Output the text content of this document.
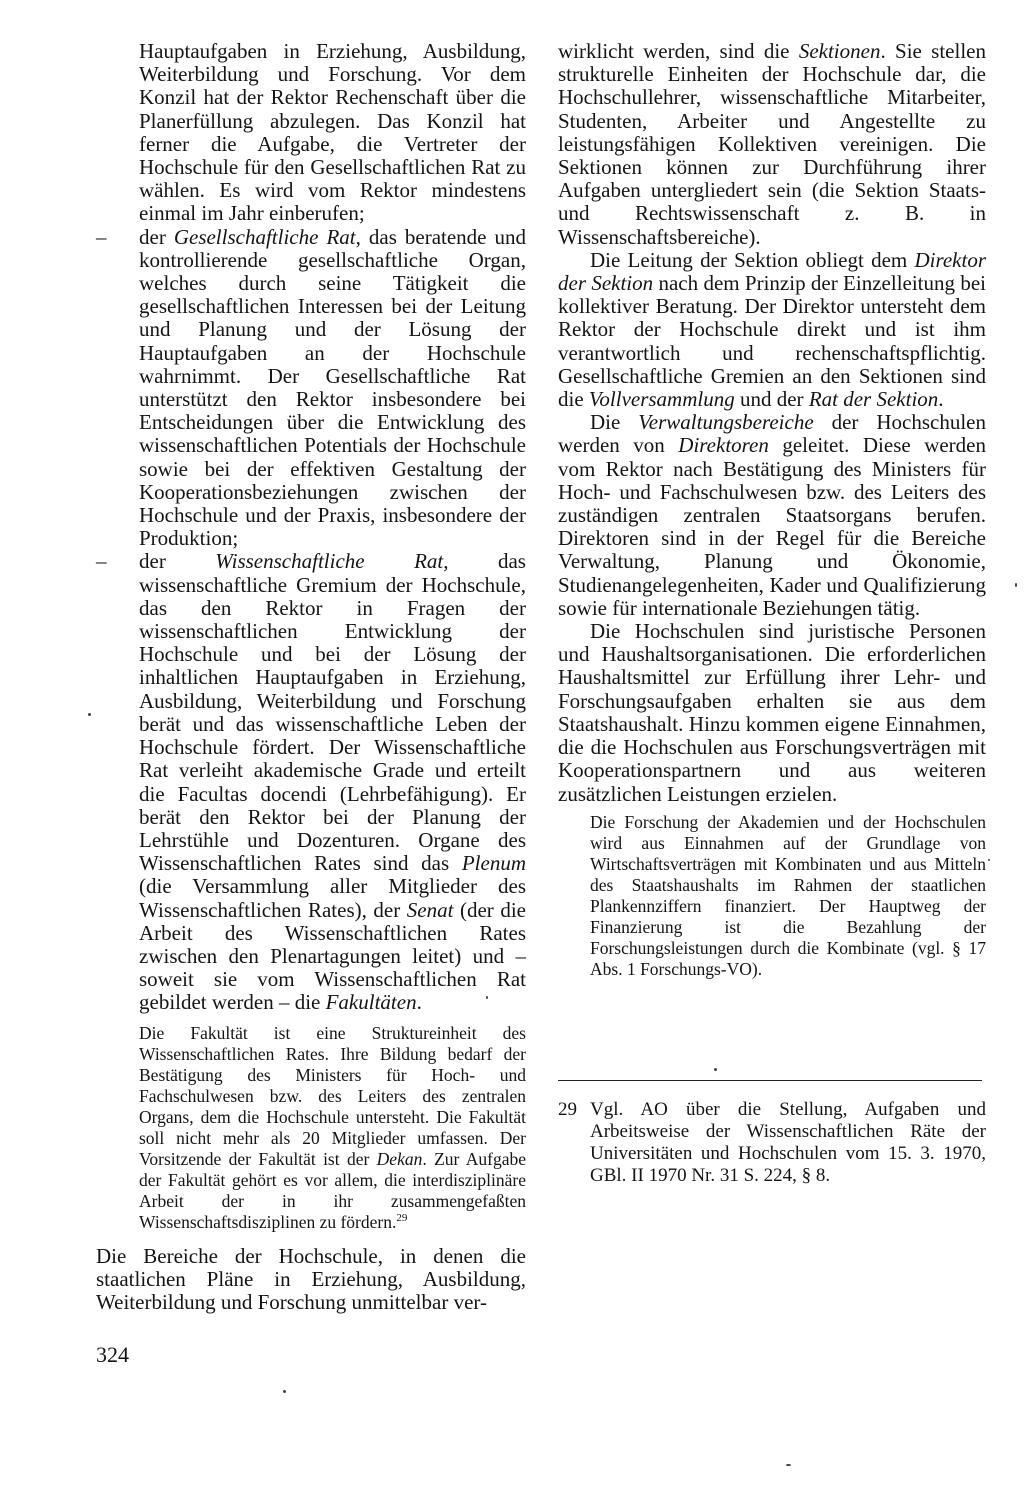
Hauptaufgaben in Erziehung, Ausbildung, Weiterbildung und Forschung. Vor dem Konzil hat der Rektor Rechenschaft über die Planerfüllung abzulegen. Das Konzil hat ferner die Aufgabe, die Vertreter der Hochschule für den Gesellschaftlichen Rat zu wählen. Es wird vom Rektor mindestens einmal im Jahr einberufen;

– der Gesellschaftliche Rat, das beratende und kontrollierende gesellschaftliche Organ, welches durch seine Tätigkeit die gesellschaftlichen Interessen bei der Leitung und Planung und der Lösung der Hauptaufgaben an der Hochschule wahrnimmt. Der Gesellschaftliche Rat unterstützt den Rektor insbesondere bei Entscheidungen über die Entwicklung des wissenschaftlichen Potentials der Hochschule sowie bei der effektiven Gestaltung der Kooperationsbeziehungen zwischen der Hochschule und der Praxis, insbesondere der Produktion;
– der Wissenschaftliche Rat, das wissenschaftliche Gremium der Hochschule, das den Rektor in Fragen der wissenschaftlichen Entwicklung der Hochschule und bei der Lösung der inhaltlichen Hauptaufgaben in Erziehung, Ausbildung, Weiterbildung und Forschung berät und das wissenschaftliche Leben der Hochschule fördert. Der Wissenschaftliche Rat verleiht akademische Grade und erteilt die Facultas docendi (Lehrbefähigung). Er berät den Rektor bei der Planung der Lehrstühle und Dozenturen. Organe des Wissenschaftlichen Rates sind das Plenum (die Versammlung aller Mitglieder des Wissenschaftlichen Rates), der Senat (der die Arbeit des Wissenschaftlichen Rates zwischen den Plenartagungen leitet) und – soweit sie vom Wissenschaftlichen Rat gebildet werden – die Fakultäten.

Die Fakultät ist eine Struktureinheit des Wissenschaftlichen Rates. Ihre Bildung bedarf der Bestätigung des Ministers für Hoch- und Fachschulwesen bzw. des Leiters des zentralen Organs, dem die Hochschule untersteht. Die Fakultät soll nicht mehr als 20 Mitglieder umfassen. Der Vorsitzende der Fakultät ist der Dekan. Zur Aufgabe der Fakultät gehört es vor allem, die interdisziplinäre Arbeit der in ihr zusammengefaßten Wissenschaftsdisziplinen zu fördern.$^{29}$

Die Bereiche der Hochschule, in denen die staatlichen Pläne in Erziehung, Ausbildung, Weiterbildung und Forschung unmittelbar ver-

wirklicht werden, sind die Sektionen. Sie stellen strukturelle Einheiten der Hochschule dar, die Hochschullehrer, wissenschaftliche Mitarbeiter, Studenten, Arbeiter und Angestellte zu leistungsfähigen Kollektiven vereinigen. Die Sektionen können zur Durchführung ihrer Aufgaben untergliedert sein (die Sektion Staats- und Rechtswissenschaft z. B. in Wissenschaftsbereiche).

Die Leitung der Sektion obliegt dem Direktor der Sektion nach dem Prinzip der Einzelleitung bei kollektiver Beratung. Der Direktor untersteht dem Rektor der Hochschule direkt und ist ihm verantwortlich und rechenschaftspflichtig. Gesellschaftliche Gremien an den Sektionen sind die Vollversammlung und der Rat der Sektion.

Die Verwaltungsbereiche der Hochschulen werden von Direktoren geleitet. Diese werden vom Rektor nach Bestätigung des Ministers für Hoch- und Fachschulwesen bzw. des Leiters des zuständigen zentralen Staatsorgans berufen. Direktoren sind in der Regel für die Bereiche Verwaltung, Planung und Ökonomie, Studienangelegenheiten, Kader und Qualifizierung sowie für internationale Beziehungen tätig.

Die Hochschulen sind juristische Personen und Haushaltsorganisationen. Die erforderlichen Haushaltsmittel zur Erfüllung ihrer Lehr- und Forschungsaufgaben erhalten sie aus dem Staatshaushalt. Hinzu kommen eigene Einnahmen, die die Hochschulen aus Forschungsverträgen mit Kooperationspartnern und aus weiteren zusätzlichen Leistungen erzielen.

Die Forschung der Akademien und der Hochschulen wird aus Einnahmen auf der Grundlage von Wirtschaftsverträgen mit Kombinaten und aus Mitteln des Staatshaushalts im Rahmen der staatlichen Plankennziffern finanziert. Der Hauptweg der Finanzierung ist die Bezahlung der Forschungsleistungen durch die Kombinate (vgl. § 17 Abs. 1 Forschungs-VO).

29 Vgl. AO über die Stellung, Aufgaben und Arbeitsweise der Wissenschaftlichen Räte der Universitäten und Hochschulen vom 15. 3. 1970, GBl. II 1970 Nr. 31 S. 224, § 8.
324
